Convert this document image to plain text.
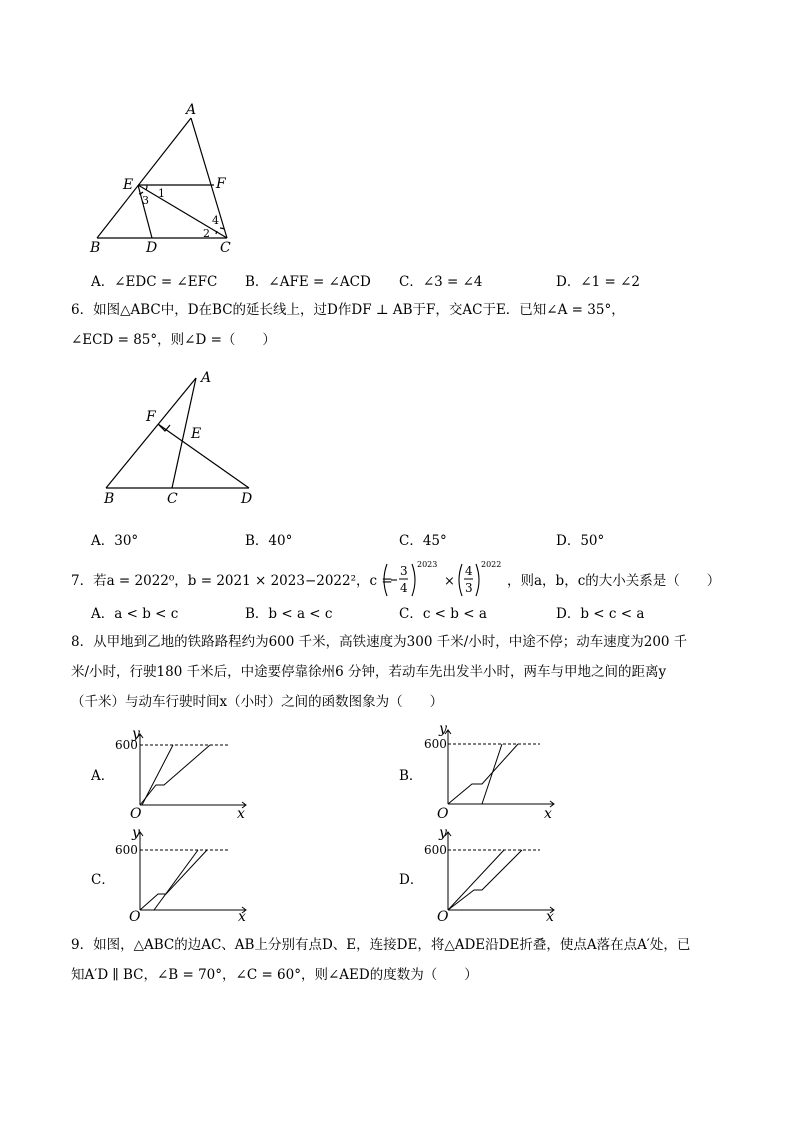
A
E	F
B	D	C
1
2
3
4
A．∠EDC = ∠EFC B．∠AFE = ∠ACD C．∠3 = ∠4	D．∠1 = ∠2
6．如图△ABC中，D在BC的延长线上，过D作DF ⊥ AB于F，交AC于E．已知∠A = 35°，
∠ECD = 85°，则∠D =（　　）
A
F
E
B	C	D
A．30°	B．40°	C．45°	D．50°
7．若a = 2022⁰，b = 2021 × 2023−2022²，c =
3
4
2023
×
4
3
2022
，则a，b，c的大小关系是（　　）
A．a < b < c	B．b < a < c	C．c < b < a	D．b < c < a
8．从甲地到乙地的铁路路程约为600 千米，高铁速度为300 千米/小时，中途不停；动车速度为200 千
米/小时，行驶180 千米后，中途要停靠徐州6 分钟，若动车先出发半小时，两车与甲地之间的距离y
（千米）与动车行驶时间x（小时）之间的函数图象为（　　）
A．	B．
C．	D．
y
600
O	x
y
600
O	x
y
600
O	x
y
600
O	x
9．如图，△ABC的边AC、AB上分别有点D、E，连接DE，将△ADE沿DE折叠，使点A落在点A′处，已
知A′D ∥ BC，∠B = 70°，∠C = 60°，则∠AED的度数为（　　）
